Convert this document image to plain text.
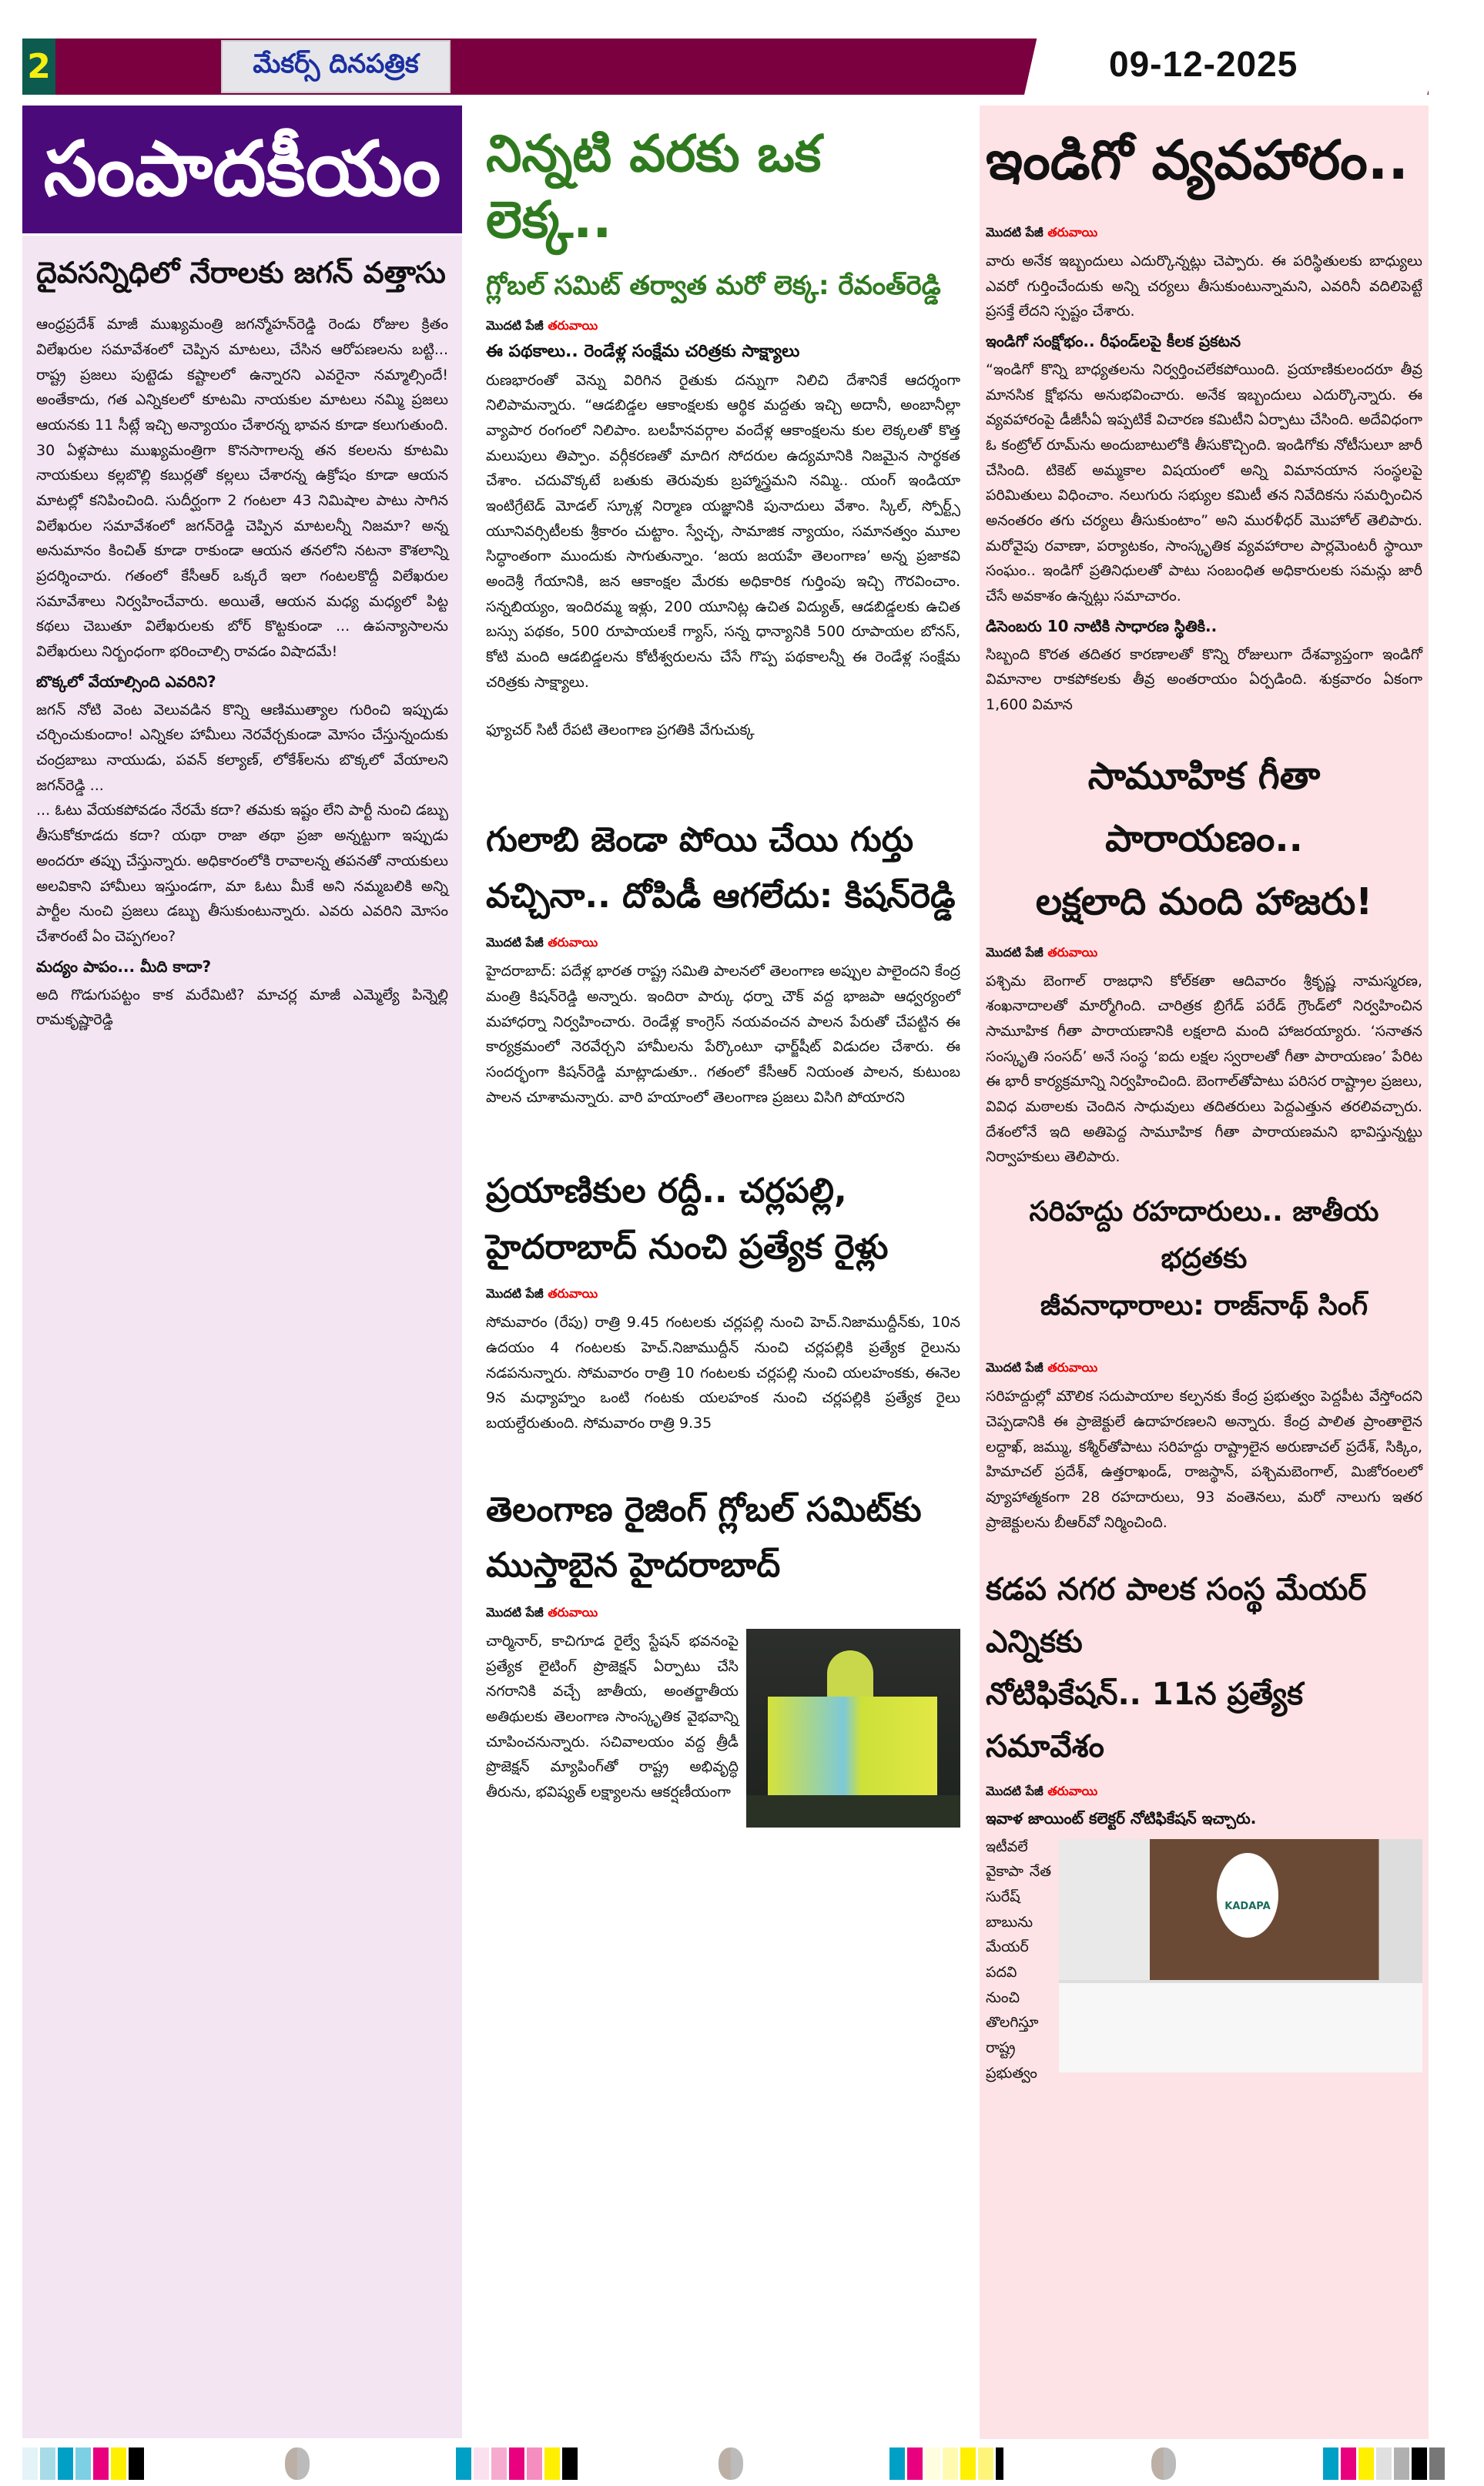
2	మేకర్స్ దినపత్రిక	09-12-2025
సంపాదకీయం
దైవసన్నిధిలో నేరాలకు జగన్ వత్తాసు

ఆంధ్రప్రదేశ్ మాజీ ముఖ్యమంత్రి జగన్మోహన్‌రెడ్డి రెండు రోజుల క్రితం విలేఖరుల సమావేశంలో చెప్పిన మాటలు, చేసిన ఆరోపణలను బట్టి... రాష్ట్ర ప్రజలు పుట్టెడు కష్టాలలో ఉన్నారని ఎవరైనా నమ్మాల్సిందే! అంతేకాదు, గత ఎన్నికలలో కూటమి నాయకుల మాటలు నమ్మి ప్రజలు ఆయనకు 11 సీట్లే ఇచ్చి అన్యాయం చేశారన్న భావన కూడా కలుగుతుంది. 30 ఏళ్లపాటు ముఖ్యమంత్రిగా కొనసాగాలన్న తన కలలను కూటమి నాయకులు కల్లబొల్లి కబుర్లతో కల్లలు చేశారన్న ఉక్రోషం కూడా ఆయన మాటల్లో కనిపించింది. సుదీర్ఘంగా 2 గంటలా 43 నిమిషాల పాటు సాగిన విలేఖరుల సమావేశంలో జగన్‌రెడ్డి చెప్పిన మాటలన్నీ నిజమా? అన్న అనుమానం కించిత్ కూడా రాకుండా ఆయన తనలోని నటనా కౌశలాన్ని ప్రదర్శించారు. గతంలో కేసీఆర్ ఒక్కరే ఇలా గంటలకొద్దీ విలేఖరుల సమావేశాలు నిర్వహించేవారు. అయితే, ఆయన మధ్య మధ్యలో పిట్ట కథలు చెబుతూ విలేఖరులకు బోర్ కొట్టకుండా ... ఉపన్యాసాలను విలేఖరులు నిర్బంధంగా భరించాల్సి రావడం విషాదమే!

బొక్కలో వేయాల్సింది ఎవరిని?

జగన్ నోటి వెంట వెలువడిన కొన్ని ఆణిముత్యాల గురించి ఇప్పుడు చర్చించుకుందాం! ఎన్నికల హామీలు నెరవేర్చకుండా మోసం చేస్తున్నందుకు చంద్రబాబు నాయుడు, పవన్ కల్యాణ్, లోకేశ్‌లను బొక్కలో వేయాలని జగన్‌రెడ్డి ...

... ఓటు వేయకపోవడం నేరమే కదా? తమకు ఇష్టం లేని పార్టీ నుంచి డబ్బు తీసుకోకూడదు కదా? యథా రాజా తథా ప్రజా అన్నట్టుగా ఇప్పుడు అందరూ తప్పు చేస్తున్నారు. అధికారంలోకి రావాలన్న తపనతో నాయకులు అలవికాని హామీలు ఇస్తుండగా, మా ఓటు మీకే అని నమ్మబలికి అన్ని పార్టీల నుంచి ప్రజలు డబ్బు తీసుకుంటున్నారు. ఎవరు ఎవరిని మోసం చేశారంటే ఏం చెప్పగలం?

మద్యం పాపం... మీది కాదా?

అది గొడుగుపట్టం కాక మరేమిటి? మాచర్ల మాజీ ఎమ్మెల్యే పిన్నెల్లి రామకృష్ణారెడ్డి

నిన్నటి వరకు ఒక లెక్క..
గ్లోబల్ సమిట్ తర్వాత మరో లెక్క: రేవంత్‌రెడ్డి
మొదటి పేజీ తరువాయి
ఈ పథకాలు.. రెండేళ్ల సంక్షేమ చరిత్రకు సాక్ష్యాలు

రుణభారంతో వెన్ను విరిగిన రైతుకు దన్నుగా నిలిచి దేశానికే ఆదర్శంగా నిలిపామన్నారు. “ఆడబిడ్డల ఆకాంక్షలకు ఆర్థిక మద్దతు ఇచ్చి అదానీ, అంబానీల్లా వ్యాపార రంగంలో నిలిపాం. బలహీనవర్గాల వందేళ్ల ఆకాంక్షలను కుల లెక్కలతో కొత్త మలుపులు తిప్పాం. వర్గీకరణతో మాదిగ సోదరుల ఉద్యమానికి నిజమైన సార్థకత చేశాం. చదువొక్కటే బతుకు తెరువుకు బ్రహ్మాస్త్రమని నమ్మి.. యంగ్ ఇండియా ఇంటిగ్రేటెడ్ మోడల్ స్కూళ్ల నిర్మాణ యజ్ఞానికి పునాదులు వేశాం. స్కిల్, స్పోర్ట్స్ యూనివర్సిటీలకు శ్రీకారం చుట్టాం. స్వేచ్ఛ, సామాజిక న్యాయం, సమానత్వం మూల సిద్ధాంతంగా ముందుకు సాగుతున్నాం. ‘జయ జయహే తెలంగాణ’ అన్న ప్రజాకవి అందెశ్రీ గేయానికి, జన ఆకాంక్షల మేరకు అధికారిక గుర్తింపు ఇచ్చి గౌరవించాం. సన్నబియ్యం, ఇందిరమ్మ ఇళ్లు, 200 యూనిట్ల ఉచిత విద్యుత్, ఆడబిడ్డలకు ఉచిత బస్సు పథకం, 500 రూపాయలకే గ్యాస్, సన్న ధాన్యానికి 500 రూపాయల బోనస్, కోటి మంది ఆడబిడ్డలను కోటీశ్వరులను చేసే గొప్ప పథకాలన్నీ ఈ రెండేళ్ల సంక్షేమ చరిత్రకు సాక్ష్యాలు.

ఫ్యూచర్ సిటీ రేపటి తెలంగాణ ప్రగతికి వేగుచుక్క
గులాబి జెండా పోయి చేయి గుర్తు
వచ్చినా.. దోపిడీ ఆగలేదు: కిషన్‌రెడ్డి
మొదటి పేజీ తరువాయి

హైదరాబాద్: పదేళ్ల భారత రాష్ట్ర సమితి పాలనలో తెలంగాణ అప్పుల పాలైందని కేంద్ర మంత్రి కిషన్‌రెడ్డి అన్నారు. ఇందిరా పార్కు ధర్నా చౌక్ వద్ద భాజపా ఆధ్వర్యంలో మహాధర్నా నిర్వహించారు. రెండేళ్ల కాంగ్రెస్ నయవంచన పాలన పేరుతో చేపట్టిన ఈ కార్యక్రమంలో నెరవేర్చని హామీలను పేర్కొంటూ ఛార్జ్‌షీట్ విడుదల చేశారు. ఈ సందర్భంగా కిషన్‌రెడ్డి మాట్లాడుతూ.. గతంలో కేసీఆర్ నియంత పాలన, కుటుంబ పాలన చూశామన్నారు. వారి హయాంలో తెలంగాణ ప్రజలు విసిగి పోయారని

ప్రయాణికుల రద్దీ.. చర్లపల్లి,
హైదరాబాద్ నుంచి ప్రత్యేక రైళ్లు
మొదటి పేజీ తరువాయి

సోమవారం (రేపు) రాత్రి 9.45 గంటలకు చర్లపల్లి నుంచి హెచ్.నిజాముద్దీన్‌కు, 10న ఉదయం 4 గంటలకు హెచ్.నిజాముద్దీన్ నుంచి చర్లపల్లికి ప్రత్యేక రైలును నడపనున్నారు. సోమవారం రాత్రి 10 గంటలకు చర్లపల్లి నుంచి యలహంకకు, ఈనెల 9న మధ్యాహ్నం ఒంటి గంటకు యలహంక నుంచి చర్లపల్లికి ప్రత్యేక రైలు బయల్దేరుతుంది. సోమవారం రాత్రి 9.35

తెలంగాణ రైజింగ్ గ్లోబల్ సమిట్‌కు
ముస్తాబైన హైదరాబాద్
మొదటి పేజీ తరువాయి

చార్మినార్, కాచిగూడ రైల్వే స్టేషన్ భవనంపై ప్రత్యేక లైటింగ్ ప్రొజెక్షన్ ఏర్పాటు చేసి నగరానికి వచ్చే జాతీయ, అంతర్జాతీయ అతిథులకు తెలంగాణ సాంస్కృతిక వైభవాన్ని చూపించనున్నారు. సచివాలయం వద్ద త్రీడీ ప్రొజెక్షన్ మ్యాపింగ్‌తో రాష్ట్ర అభివృద్ధి తీరును, భవిష్యత్ లక్ష్యాలను ఆకర్షణీయంగా

ఇండిగో వ్యవహారం..
మొదటి పేజీ తరువాయి

వారు అనేక ఇబ్బందులు ఎదుర్కొన్నట్లు చెప్పారు. ఈ పరిస్థితులకు బాధ్యులు ఎవరో గుర్తించేందుకు అన్ని చర్యలు తీసుకుంటున్నామని, ఎవరినీ వదిలిపెట్టే ప్రసక్తే లేదని స్పష్టం చేశారు.

ఇండిగో సంక్షోభం.. రీఫండ్‌లపై కీలక ప్రకటన

“ఇండిగో కొన్ని బాధ్యతలను నిర్వర్తించలేకపోయింది. ప్రయాణికులందరూ తీవ్ర మానసిక క్షోభను అనుభవించారు. అనేక ఇబ్బందులు ఎదుర్కొన్నారు. ఈ వ్యవహారంపై డీజీసీఏ ఇప్పటికే విచారణ కమిటీని ఏర్పాటు చేసింది. అదేవిధంగా ఓ కంట్రోల్ రూమ్‌ను అందుబాటులోకి తీసుకొచ్చింది. ఇండిగోకు నోటీసులూ జారీ చేసింది. టికెట్ అమ్మకాల విషయంలో అన్ని విమానయాన సంస్థలపై పరిమితులు విధించాం. నలుగురు సభ్యుల కమిటీ తన నివేదికను సమర్పించిన అనంతరం తగు చర్యలు తీసుకుంటాం” అని మురళీధర్ మొహోల్ తెలిపారు. మరోవైపు రవాణా, పర్యాటకం, సాంస్కృతిక వ్యవహారాల పార్లమెంటరీ స్థాయీ సంఘం.. ఇండిగో ప్రతినిధులతో పాటు సంబంధిత అధికారులకు సమన్లు జారీ చేసే అవకాశం ఉన్నట్లు సమాచారం.

డిసెంబరు 10 నాటికి సాధారణ స్థితికి..

సిబ్బంది కొరత తదితర కారణాలతో కొన్ని రోజులుగా దేశవ్యాప్తంగా ఇండిగో విమానాల రాకపోకలకు తీవ్ర అంతరాయం ఏర్పడింది. శుక్రవారం ఏకంగా 1,600 విమాన

సామూహిక గీతా పారాయణం..
లక్షలాది మంది హాజరు!
మొదటి పేజీ తరువాయి

పశ్చిమ బెంగాల్ రాజధాని కోల్‌కతా ఆదివారం శ్రీకృష్ణ నామస్మరణ, శంఖనాదాలతో మార్మోగింది. చారిత్రక బ్రిగేడ్ పరేడ్ గ్రౌండ్‌లో నిర్వహించిన సామూహిక గీతా పారాయణానికి లక్షలాది మంది హాజరయ్యారు. ‘సనాతన సంస్కృతి సంసద్’ అనే సంస్థ ‘ఐదు లక్షల స్వరాలతో గీతా పారాయణం’ పేరిట ఈ భారీ కార్యక్రమాన్ని నిర్వహించింది. బెంగాల్‌తోపాటు పరిసర రాష్ట్రాల ప్రజలు, వివిధ మఠాలకు చెందిన సాధువులు తదితరులు పెద్దఎత్తున తరలివచ్చారు. దేశంలోనే ఇది అతిపెద్ద సామూహిక గీతా పారాయణమని భావిస్తున్నట్టు నిర్వాహకులు తెలిపారు.

సరిహద్దు రహదారులు.. జాతీయ భద్రతకు
జీవనాధారాలు: రాజ్‌నాథ్ సింగ్
మొదటి పేజీ తరువాయి

సరిహద్దుల్లో మౌలిక సదుపాయాల కల్పనకు కేంద్ర ప్రభుత్వం పెద్దపీట వేస్తోందని చెప్పడానికి ఈ ప్రాజెక్టులే ఉదాహరణలని అన్నారు. కేంద్ర పాలిత ప్రాంతాలైన లద్దాఖ్, జమ్ము, కశ్మీర్‌తోపాటు సరిహద్దు రాష్ట్రాలైన అరుణాచల్ ప్రదేశ్, సిక్కిం, హిమాచల్ ప్రదేశ్, ఉత్తరాఖండ్, రాజస్థాన్, పశ్చిమబెంగాల్, మిజోరంలలో వ్యూహాత్మకంగా 28 రహదారులు, 93 వంతెనలు, మరో నాలుగు ఇతర ప్రాజెక్టులను బీఆర్‌వో నిర్మించింది.

కడప నగర పాలక సంస్థ మేయర్ ఎన్నికకు
నోటిఫికేషన్.. 11న ప్రత్యేక సమావేశం
మొదటి పేజీ తరువాయి
ఇవాళ జాయింట్ కలెక్టర్ నోటిఫికేషన్ ఇచ్చారు.
KADAPA

ఇటీవలే వైకాపా నేత సురేష్ బాబును మేయర్ పదవి నుంచి తొలగిస్తూ రాష్ట్ర ప్రభుత్వం
